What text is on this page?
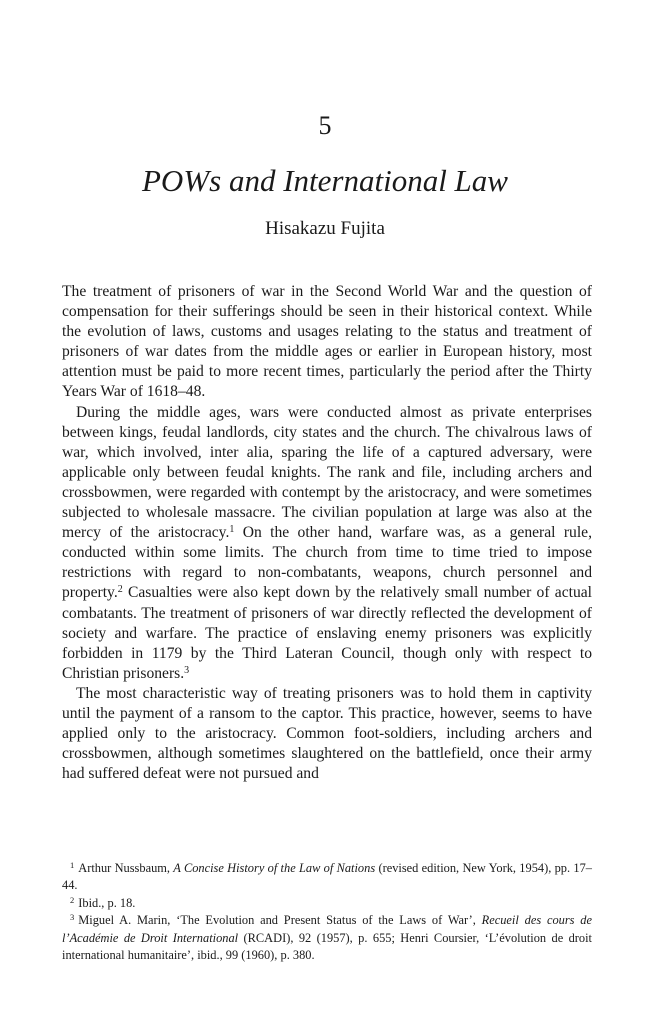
5
POWs and International Law
Hisakazu Fujita

The treatment of prisoners of war in the Second World War and the question of compensation for their sufferings should be seen in their historical context. While the evolution of laws, customs and usages relating to the status and treatment of prisoners of war dates from the middle ages or earlier in European history, most attention must be paid to more recent times, particularly the period after the Thirty Years War of 1618–48.

During the middle ages, wars were conducted almost as private enterprises between kings, feudal landlords, city states and the church. The chivalrous laws of war, which involved, inter alia, sparing the life of a captured adversary, were applicable only between feudal knights. The rank and file, including archers and crossbowmen, were regarded with contempt by the aristocracy, and were sometimes subjected to wholesale massacre. The civilian population at large was also at the mercy of the aristocracy.$^1$ On the other hand, warfare was, as a general rule, conducted within some limits. The church from time to time tried to impose restrictions with regard to non-combatants, weapons, church personnel and property.$^2$ Casualties were also kept down by the relatively small number of actual combatants. The treatment of prisoners of war directly reflected the development of society and warfare. The practice of enslaving enemy prisoners was explicitly forbidden in 1179 by the Third Lateran Council, though only with respect to Christian prisoners.$^3$

The most characteristic way of treating prisoners was to hold them in captivity until the payment of a ransom to the captor. This practice, however, seems to have applied only to the aristocracy. Common foot-soldiers, including archers and crossbowmen, although sometimes slaughtered on the battlefield, once their army had suffered defeat were not pursued and

$^1$ Arthur Nussbaum, A Concise History of the Law of Nations (revised edition, New York, 1954), pp. 17–44.

$^2$ Ibid., p. 18.

$^3$ Miguel A. Marin, ‘The Evolution and Present Status of the Laws of War’, Recueil des cours de l’Académie de Droit International (RCADI), 92 (1957), p. 655; Henri Coursier, ‘L’évolution de droit international humanitaire’, ibid., 99 (1960), p. 380.
